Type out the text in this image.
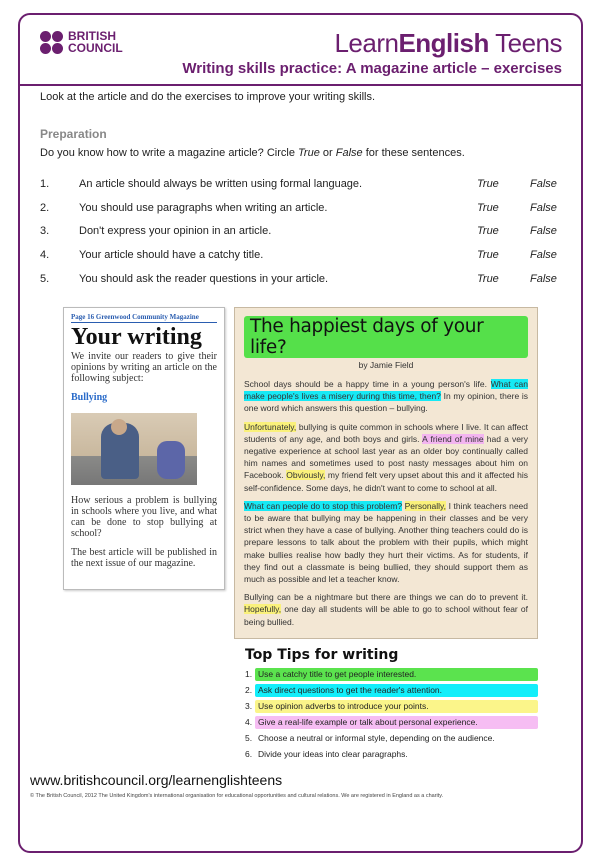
BRITISH
COUNCIL	LearnEnglish Teens
Writing skills practice: A magazine article – exercises
Look at the article and do the exercises to improve your writing skills.
Preparation
Do you know how to write a magazine article? Circle True or False for these sentences.
1.	An article should always be written using formal language.	True	False
2.	You should use paragraphs when writing an article.	True	False
3.	Don't express your opinion in an article.	True	False
4.	Your article should have a catchy title.	True	False
5.	You should ask the reader questions in your article.	True	False
Page 16 Greenwood Community Magazine
Your writing

We invite our readers to give their opinions by writing an article on the following subject:

Bullying

How serious a problem is bullying in schools where you live, and what can be done to stop bullying at school?

The best article will be published in the next issue of our magazine.

The happiest days of your life?
by Jamie Field

School days should be a happy time in a young person's life. What can make people's lives a misery during this time, then? In my opinion, there is one word which answers this question – bullying.

Unfortunately, bullying is quite common in schools where I live. It can affect students of any age, and both boys and girls. A friend of mine had a very negative experience at school last year as an older boy continually called him names and sometimes used to post nasty messages about him on Facebook. Obviously, my friend felt very upset about this and it affected his self-confidence. Some days, he didn't want to come to school at all.

What can people do to stop this problem? Personally, I think teachers need to be aware that bullying may be happening in their classes and be very strict when they have a case of bullying. Another thing teachers could do is prepare lessons to talk about the problem with their pupils, which might make bullies realise how badly they hurt their victims. As for students, if they find out a classmate is being bullied, they should support them as much as possible and let a teacher know.

Bullying can be a nightmare but there are things we can do to prevent it. Hopefully, one day all students will be able to go to school without fear of being bullied.

Top Tips for writing
1. Use a catchy title to get people interested.
2. Ask direct questions to get the reader's attention.
3. Use opinion adverbs to introduce your points.
4. Give a real-life example or talk about personal experience.
5. Choose a neutral or informal style, depending on the audience.
6. Divide your ideas into clear paragraphs.
www.britishcouncil.org/learnenglishteens
© The British Council, 2012 The United Kingdom's international organisation for educational opportunities and cultural relations. We are registered in England as a charity.
